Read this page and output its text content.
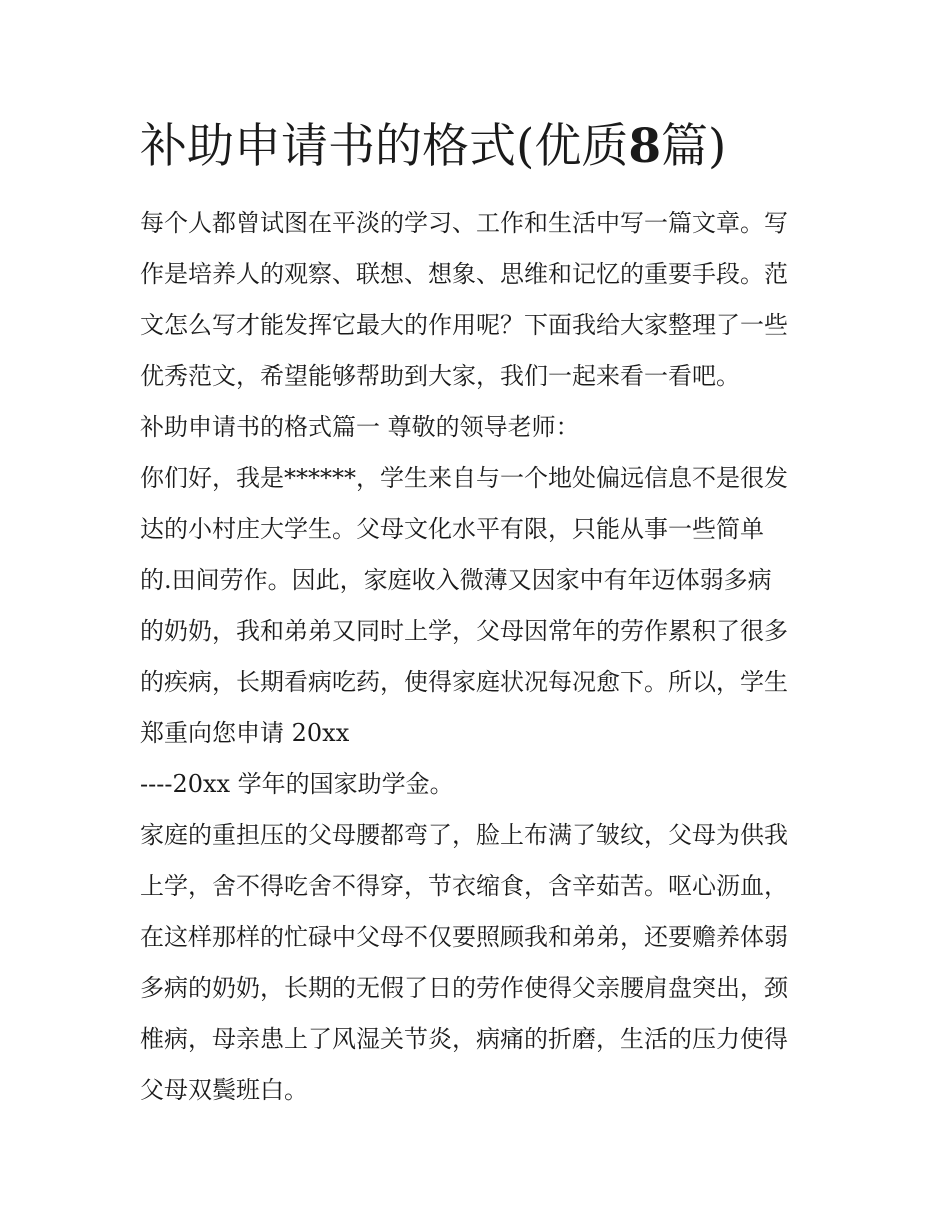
补助申请书的格式(优质8篇)
每个人都曾试图在平淡的学习、工作和生活中写一篇文章。写
作是培养人的观察、联想、想象、思维和记忆的重要手段。范
文怎么写才能发挥它最大的作用呢？下面我给大家整理了一些
优秀范文，希望能够帮助到大家，我们一起来看一看吧。
补助申请书的格式篇一 尊敬的领导老师：
你们好，我是******，学生来自与一个地处偏远信息不是很发
达的小村庄大学生。父母文化水平有限，只能从事一些简单
的.田间劳作。因此，家庭收入微薄又因家中有年迈体弱多病
的奶奶，我和弟弟又同时上学，父母因常年的劳作累积了很多
的疾病，长期看病吃药，使得家庭状况每况愈下。所以，学生
郑重向您申请 20xx
----20xx 学年的国家助学金。
家庭的重担压的父母腰都弯了，脸上布满了皱纹，父母为供我
上学，舍不得吃舍不得穿，节衣缩食，含辛茹苦。呕心沥血，
在这样那样的忙碌中父母不仅要照顾我和弟弟，还要赡养体弱
多病的奶奶，长期的无假了日的劳作使得父亲腰肩盘突出，颈
椎病，母亲患上了风湿关节炎，病痛的折磨，生活的压力使得
父母双鬓班白。
